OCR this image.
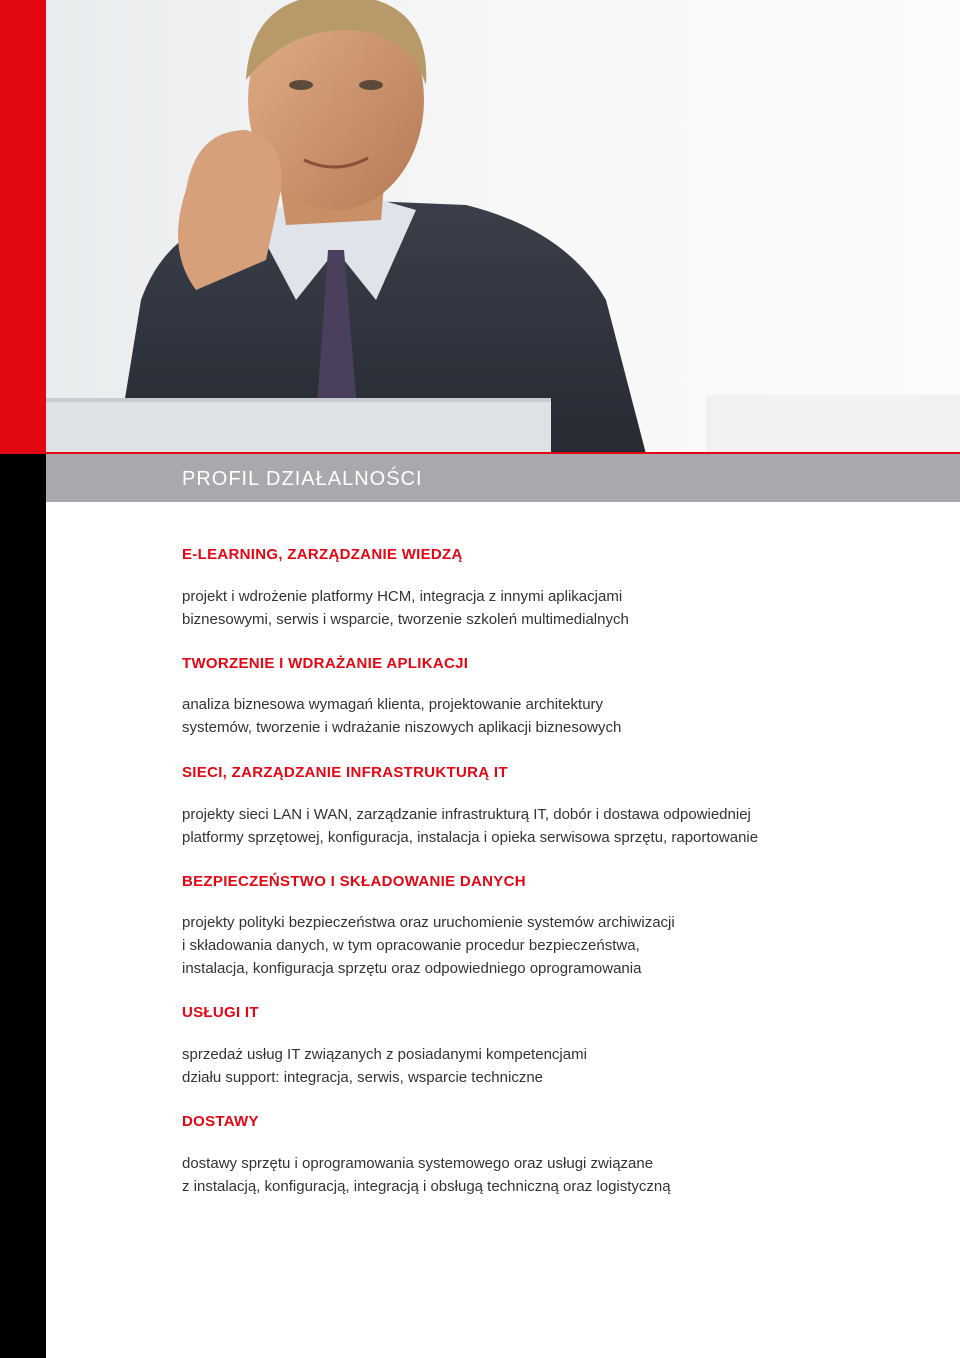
PROFIL DZIAŁALNOŚCI
E-LEARNING, ZARZĄDZANIE WIEDZĄ
projekt i wdrożenie platformy HCM, integracja z innymi aplikacjami
biznesowymi, serwis i wsparcie, tworzenie szkoleń multimedialnych
TWORZENIE I WDRAŻANIE APLIKACJI
analiza biznesowa wymagań klienta, projektowanie architektury
systemów, tworzenie i wdrażanie niszowych aplikacji biznesowych
SIECI, ZARZĄDZANIE INFRASTRUKTURĄ IT
projekty sieci LAN i WAN, zarządzanie infrastrukturą IT, dobór i dostawa odpowiedniej
platformy sprzętowej, konfiguracja, instalacja i opieka serwisowa sprzętu, raportowanie
BEZPIECZEŃSTWO I SKŁADOWANIE DANYCH
projekty polityki bezpieczeństwa oraz uruchomienie systemów archiwizacji
i składowania danych, w tym opracowanie procedur bezpieczeństwa,
instalacja, konfiguracja sprzętu oraz odpowiedniego oprogramowania
USŁUGI IT
sprzedaż usług IT związanych z posiadanymi kompetencjami
działu support: integracja, serwis, wsparcie techniczne
DOSTAWY
dostawy sprzętu i oprogramowania systemowego oraz usługi związane
z instalacją, konfiguracją, integracją i obsługą techniczną oraz logistyczną
